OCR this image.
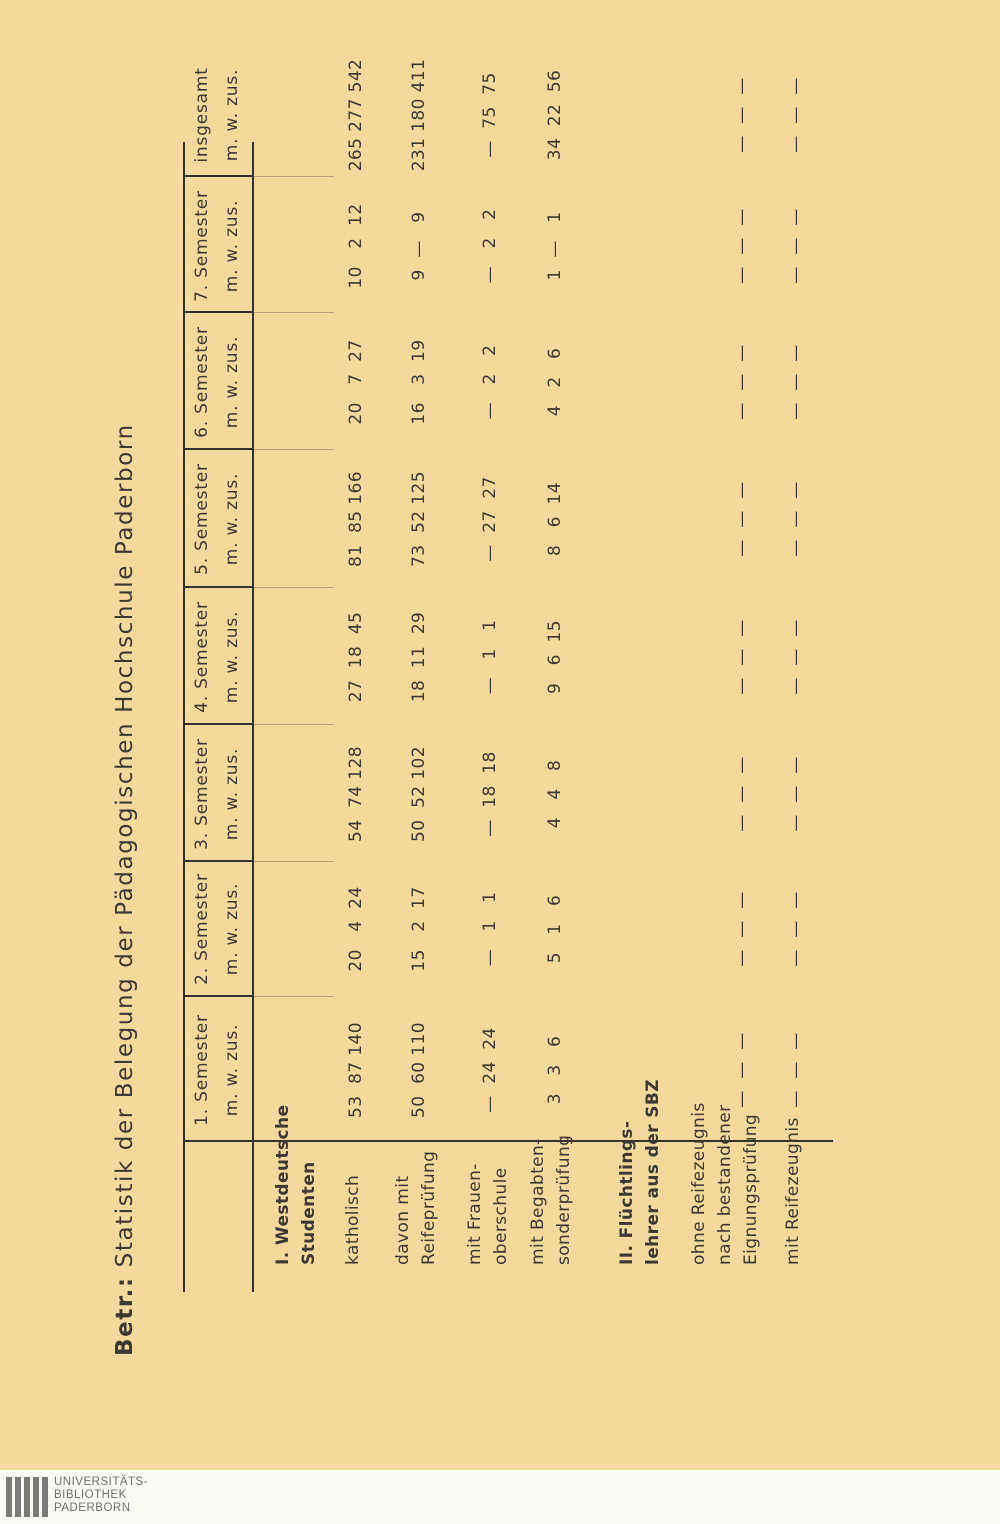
Betr.: Statistik der Belegung der Pädagogischen Hochschule Paderborn	1. Semester m. w. zus.
2. Semester m. w. zus.
3. Semester m. w. zus.
4. Semester m. w. zus.
5. Semester m. w. zus.
6. Semester m. w. zus.
7. Semester m. w. zus.
insgesamt m. w. zus.
I. Westdeutsche Studenten katholisch davon mit Reifeprüfung mit Frauen- oberschule mit Begabten- sonderprüfung	II. Flüchtlings- lehrer aus der SBZ ohne Reifezeugnis nach bestandener Eignungsprüfung mit Reifezeugnis
53  87 140
20   4  24
54  74 128
27  18  45
81  85 166
20   7  27
10   2  12
265 277 542
50  60 110
15   2  17
50  52 102
18  11  29
73  52 125
16   3  19
9  —   9
231 180 411
—  24  24
—   1   1
—  18  18
—   1   1
—  27  27
—   2   2
—   2   2
—  75  75
3   3   6
5   1   6
4   4   8
9   6  15
8   6  14
4   2   6
1  —   1
34  22  56
—  —  —
—  —  —
—  —  —
—  —  —
—  —  —
—  —  —
—  —  —
—  —  —
—  —  —
—  —  —
—  —  —
—  —  —
—  —  —
—  —  —
—  —  —
—  —  —
UNIVERSITÄTS-
BIBLIOTHEK
PADERBORN
